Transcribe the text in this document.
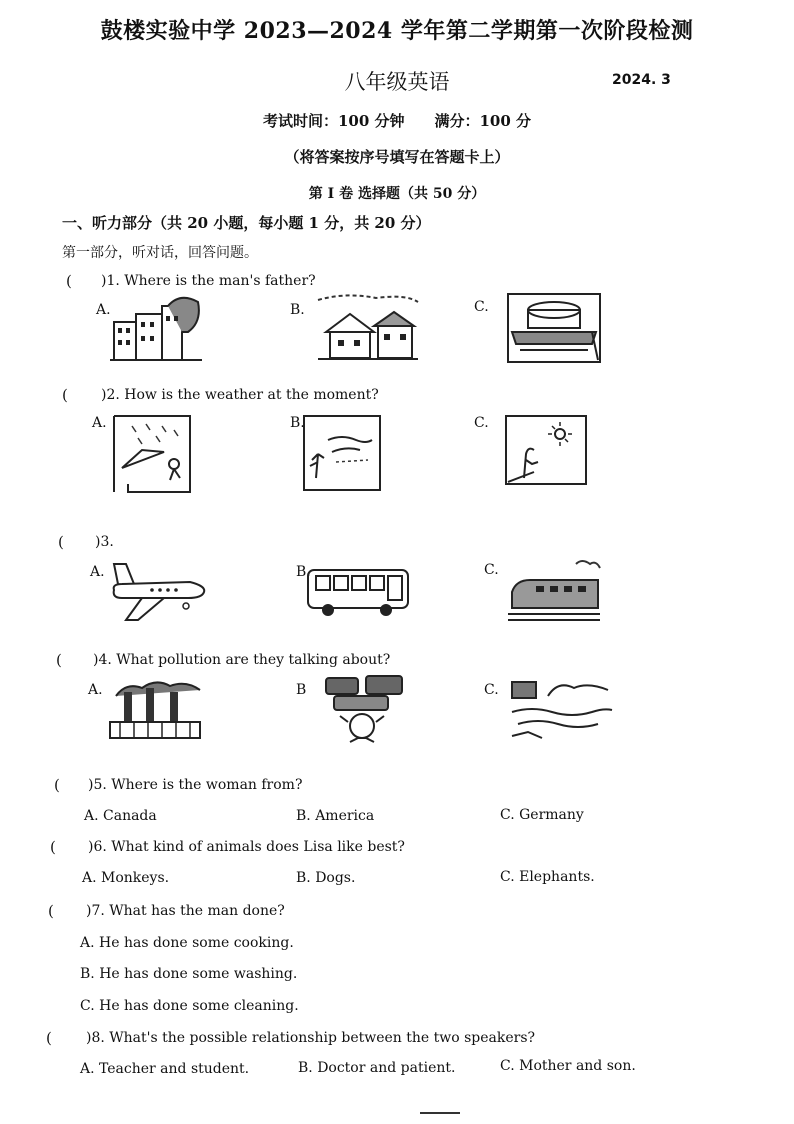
鼓楼实验中学 2023—2024 学年第二学期第一次阶段检测
八年级英语	2024. 3
考试时间：100 分钟　　满分：100 分
（将答案按序号填写在答题卡上）
第 I 卷 选择题（共 50 分）
一、听力部分（共 20 小题，每小题 1 分，共 20 分）
第一部分，听对话，回答问题。
( )1. Where is the man's father?
A.	B.	C.
( )2. How is the weather at the moment?
A.	B.	C.
( )3.
A.	B.	C.
( )4. What pollution are they talking about?
A.	B	C.
( )5. Where is the woman from?
A. Canada	B. America	C. Germany
( )6. What kind of animals does Lisa like best?
A. Monkeys.	B. Dogs.	C. Elephants.
( )7. What has the man done?
A. He has done some cooking.
B. He has done some washing.
C. He has done some cleaning.
( )8. What's the possible relationship between the two speakers?
A. Teacher and student.	B. Doctor and patient.	C. Mother and son.
